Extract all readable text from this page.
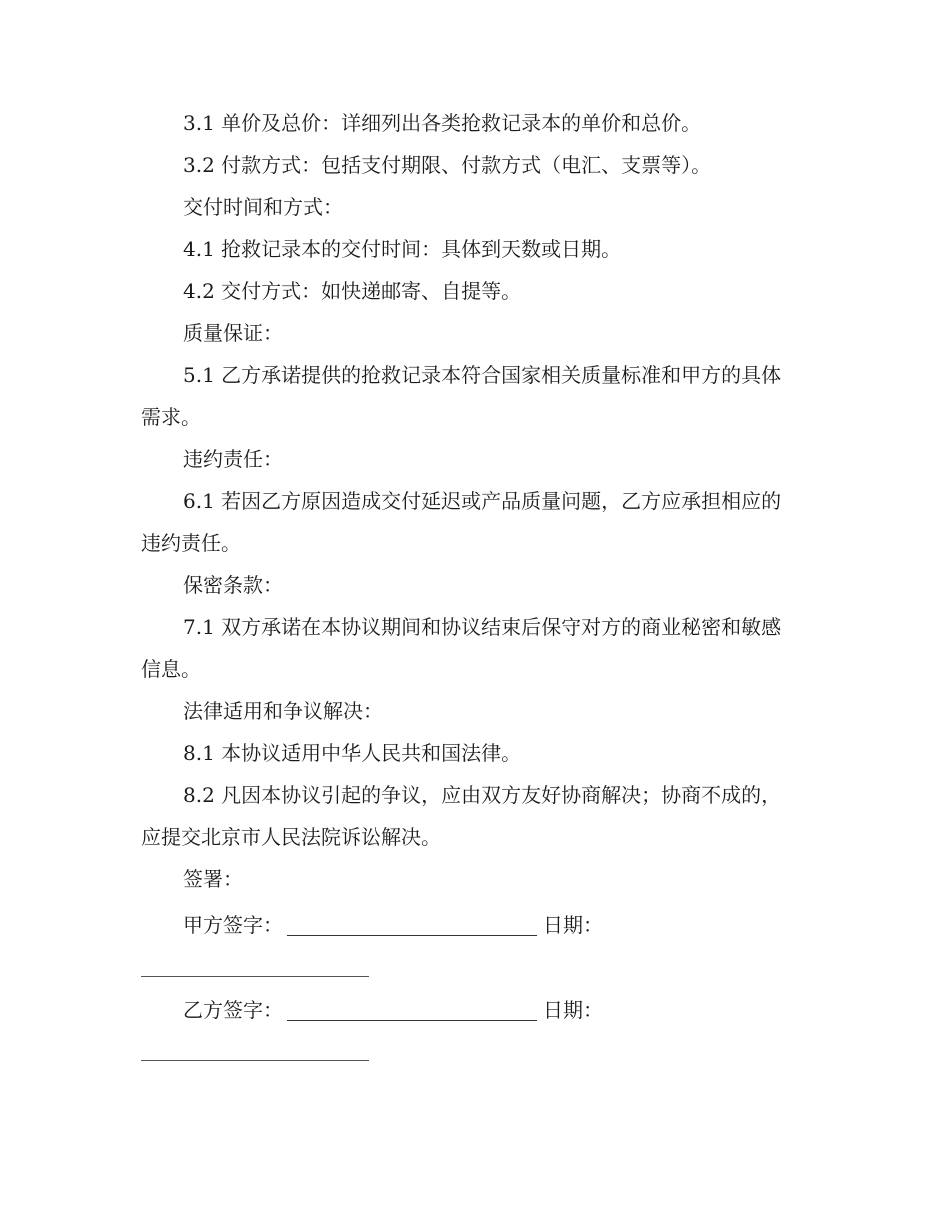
3.1 单价及总价：详细列出各类抢救记录本的单价和总价。

3.2 付款方式：包括支付期限、付款方式（电汇、支票等）。

交付时间和方式：

4.1 抢救记录本的交付时间：具体到天数或日期。

4.2 交付方式：如快递邮寄、自提等。

质量保证：

5.1 乙方承诺提供的抢救记录本符合国家相关质量标准和甲方的具体需求。

违约责任：

6.1 若因乙方原因造成交付延迟或产品质量问题，乙方应承担相应的违约责任。

保密条款：

7.1 双方承诺在本协议期间和协议结束后保守对方的商业秘密和敏感信息。

法律适用和争议解决：

8.1 本协议适用中华人民共和国法律。

8.2 凡因本协议引起的争议，应由双方友好协商解决；协商不成的，应提交北京市人民法院诉讼解决。

签署：

甲方签字：	日期：
乙方签字：	日期：
